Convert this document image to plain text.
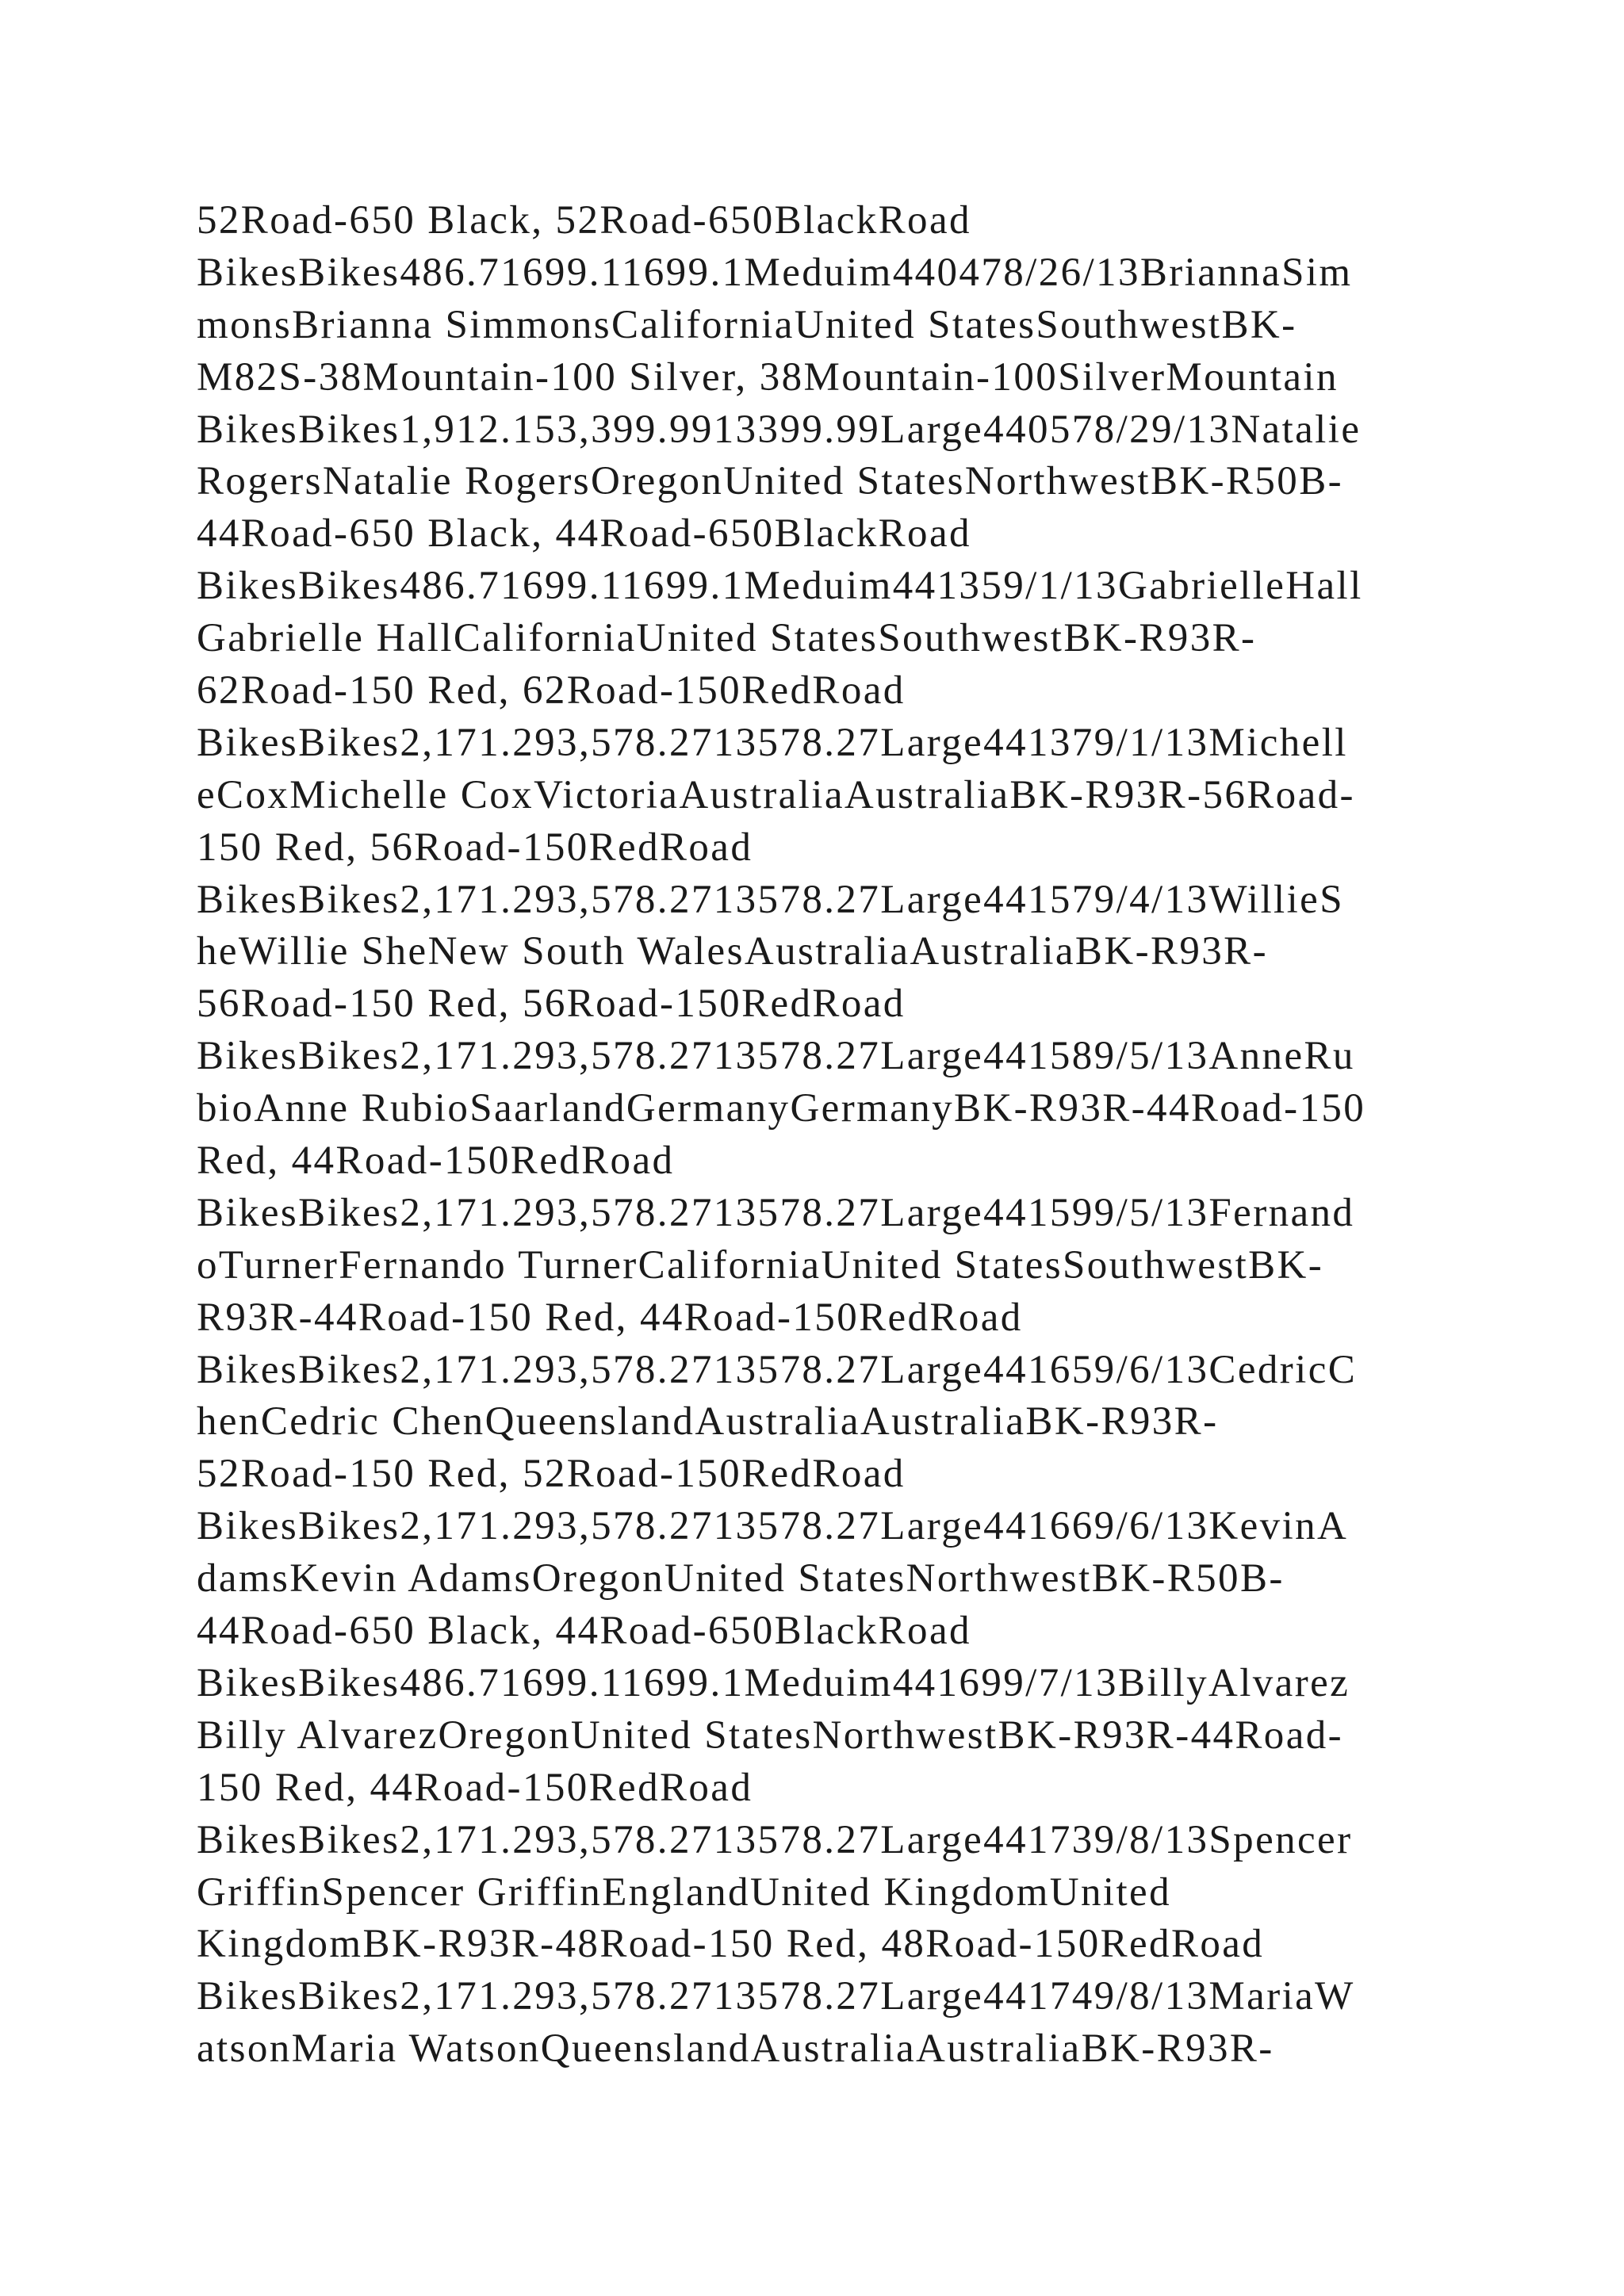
52Road-650 Black, 52Road-650BlackRoad
BikesBikes486.71699.11699.1Meduim440478/26/13BriannaSim
monsBrianna SimmonsCaliforniaUnited StatesSouthwestBK-
M82S-38Mountain-100 Silver, 38Mountain-100SilverMountain
BikesBikes1,912.153,399.9913399.99Large440578/29/13Natalie
RogersNatalie RogersOregonUnited StatesNorthwestBK-R50B-
44Road-650 Black, 44Road-650BlackRoad
BikesBikes486.71699.11699.1Meduim441359/1/13GabrielleHall
Gabrielle HallCaliforniaUnited StatesSouthwestBK-R93R-
62Road-150 Red, 62Road-150RedRoad
BikesBikes2,171.293,578.2713578.27Large441379/1/13Michell
eCoxMichelle CoxVictoriaAustraliaAustraliaBK-R93R-56Road-
150 Red, 56Road-150RedRoad
BikesBikes2,171.293,578.2713578.27Large441579/4/13WillieS
heWillie SheNew South WalesAustraliaAustraliaBK-R93R-
56Road-150 Red, 56Road-150RedRoad
BikesBikes2,171.293,578.2713578.27Large441589/5/13AnneRu
bioAnne RubioSaarlandGermanyGermanyBK-R93R-44Road-150
Red, 44Road-150RedRoad
BikesBikes2,171.293,578.2713578.27Large441599/5/13Fernand
oTurnerFernando TurnerCaliforniaUnited StatesSouthwestBK-
R93R-44Road-150 Red, 44Road-150RedRoad
BikesBikes2,171.293,578.2713578.27Large441659/6/13CedricC
henCedric ChenQueenslandAustraliaAustraliaBK-R93R-
52Road-150 Red, 52Road-150RedRoad
BikesBikes2,171.293,578.2713578.27Large441669/6/13KevinA
damsKevin AdamsOregonUnited StatesNorthwestBK-R50B-
44Road-650 Black, 44Road-650BlackRoad
BikesBikes486.71699.11699.1Meduim441699/7/13BillyAlvarez
Billy AlvarezOregonUnited StatesNorthwestBK-R93R-44Road-
150 Red, 44Road-150RedRoad
BikesBikes2,171.293,578.2713578.27Large441739/8/13Spencer
GriffinSpencer GriffinEnglandUnited KingdomUnited
KingdomBK-R93R-48Road-150 Red, 48Road-150RedRoad
BikesBikes2,171.293,578.2713578.27Large441749/8/13MariaW
atsonMaria WatsonQueenslandAustraliaAustraliaBK-R93R-
